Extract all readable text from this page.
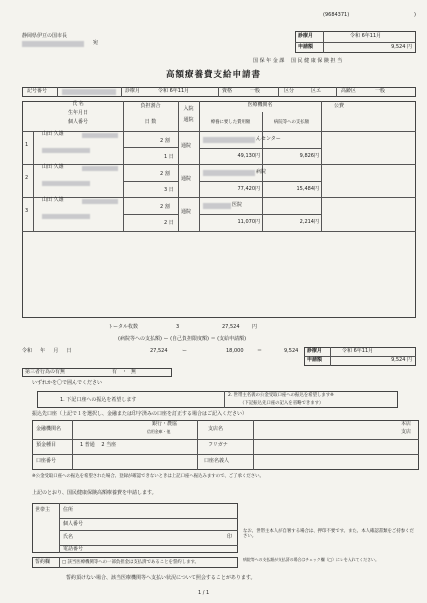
(9684371)	)
静岡県伊豆の国市長
宛
診療月	令和 6年11月
申請額	9,524 円
国 保 年 金 課　 国 民 健 康 保 険 担 当
高額療養費支給申請書
記号番号	診療月	令和 6年11月	資格	一般	区分	区エ	高齢区	一般
氏 名
生年月日
個人番号
負担割合
日 数
入院
通院
医療機関名
療養に要した費用額	病院等への支払額
公費
1
山田 久雄
2 割
通院
1 日
んセンター
49,130円	9,826円
2
山田 久雄
2 割
通院
3 日
病院
77,420円	15,484円
3
山田 久雄
2 割
通院
2 日
医院
11,070円	2,214円
トータル枚数	3	27,524	円
(病院等への支払額) ー (自己負担限度額) ＝ (支給申請額)
令和 　 年 　 月 　 日	27,524	ー	18,000	＝	9,524 診療月	令和 6年11月
申請額	9,524 円
第三者行為の有無	有 ・ 無
いずれかを〇で囲んでください
1. 下記口座への振込を希望します
2. 世帯主名義の公金受取口座への振込を希望します※
（下記振込先口座の記入を省略できます）
振込先口座（上記で１を選択し、金融または印字済みの口座を訂正する場合はご記入ください）
金融機関名
銀行・農協
信用金庫・他	支店名
本店
支店
預金種目	1 普通　 2 当座	フリガナ
口座番号	口座名義人
※公金受取口座への振込を希望された場合、登録が確認できないときは上記口座へ振込みますので、ご了承ください。
上記のとおり、国民健康保険高額療養費を申請します。
世帯主	住所
個人番号
氏名	印
電話番号
なお、世帯主本人が自署する場合は、押印不要です。また、本人確認書類をご持参ください。
誓約欄	□ 該当医療機関等への一部負担金は支払済であることを誓約します。
病院等への支払額が支払済の場合はチェック欄（□）にレを入れてください。
誓約頂けない場合、該当医療機関等へ支払い状況について照会することがあります。
1 / 1
